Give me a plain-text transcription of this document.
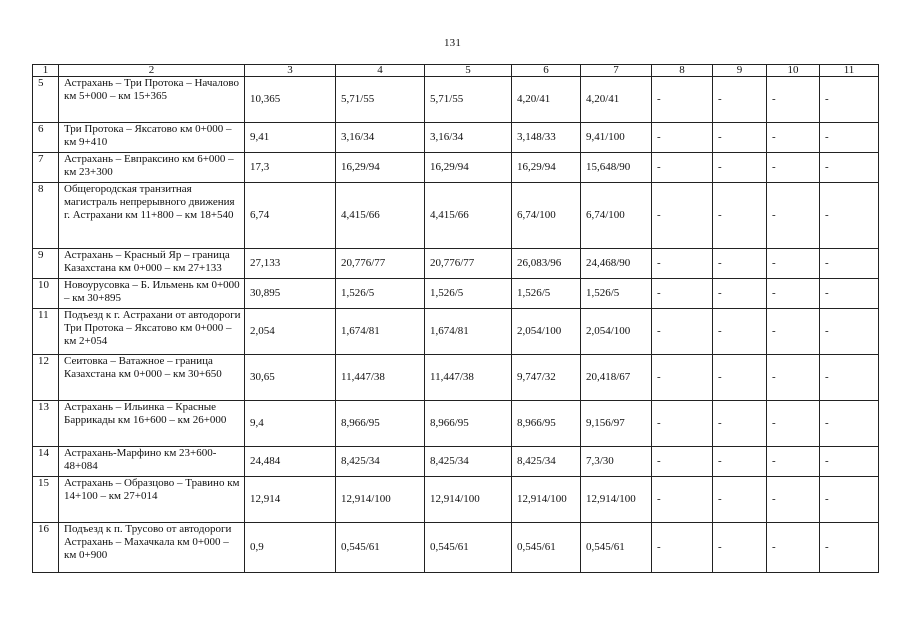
131
1	2	3	4	5	6	7	8	9	10	11
5	Астрахань – Три Протока – Началово км 5+000 – км 15+365	10,365	5,71/55	5,71/55	4,20/41	4,20/41	-	-	-	-
6	Три Протока – Яксатово км 0+000 – км 9+410	9,41	3,16/34	3,16/34	3,148/33	9,41/100	-	-	-	-
7	Астрахань – Евпраксино км 6+000 – км 23+300	17,3	16,29/94	16,29/94	16,29/94	15,648/90	-	-	-	-
8	Общегородская транзитная магистраль непрерывного движения г. Астрахани км 11+800 – км 18+540	6,74	4,415/66	4,415/66	6,74/100	6,74/100	-	-	-	-
9	Астрахань – Красный Яр – граница Казахстана км 0+000 – км 27+133	27,133	20,776/77	20,776/77	26,083/96	24,468/90	-	-	-	-
10	Новоурусовка – Б. Ильмень км 0+000 – км 30+895	30,895	1,526/5	1,526/5	1,526/5	1,526/5	-	-	-	-
11	Подъезд к г. Астрахани от автодороги Три Протока – Яксатово км 0+000 – км 2+054	2,054	1,674/81	1,674/81	2,054/100	2,054/100	-	-	-	-
12	Сеитовка – Ватажное – граница Казахстана км 0+000 – км 30+650	30,65	11,447/38	11,447/38	9,747/32	20,418/67	-	-	-	-
13	Астрахань – Ильинка – Красные Баррикады км 16+600 – км 26+000	9,4	8,966/95	8,966/95	8,966/95	9,156/97	-	-	-	-
14	Астрахань-Марфино км 23+600-48+084	24,484	8,425/34	8,425/34	8,425/34	7,3/30	-	-	-	-
15	Астрахань – Образцово – Травино км 14+100 – км 27+014	12,914	12,914/100	12,914/100	12,914/100	12,914/100	-	-	-	-
16	Подъезд к п. Трусово от автодороги Астрахань – Махачкала км 0+000 – км 0+900	0,9	0,545/61	0,545/61	0,545/61	0,545/61	-	-	-	-
